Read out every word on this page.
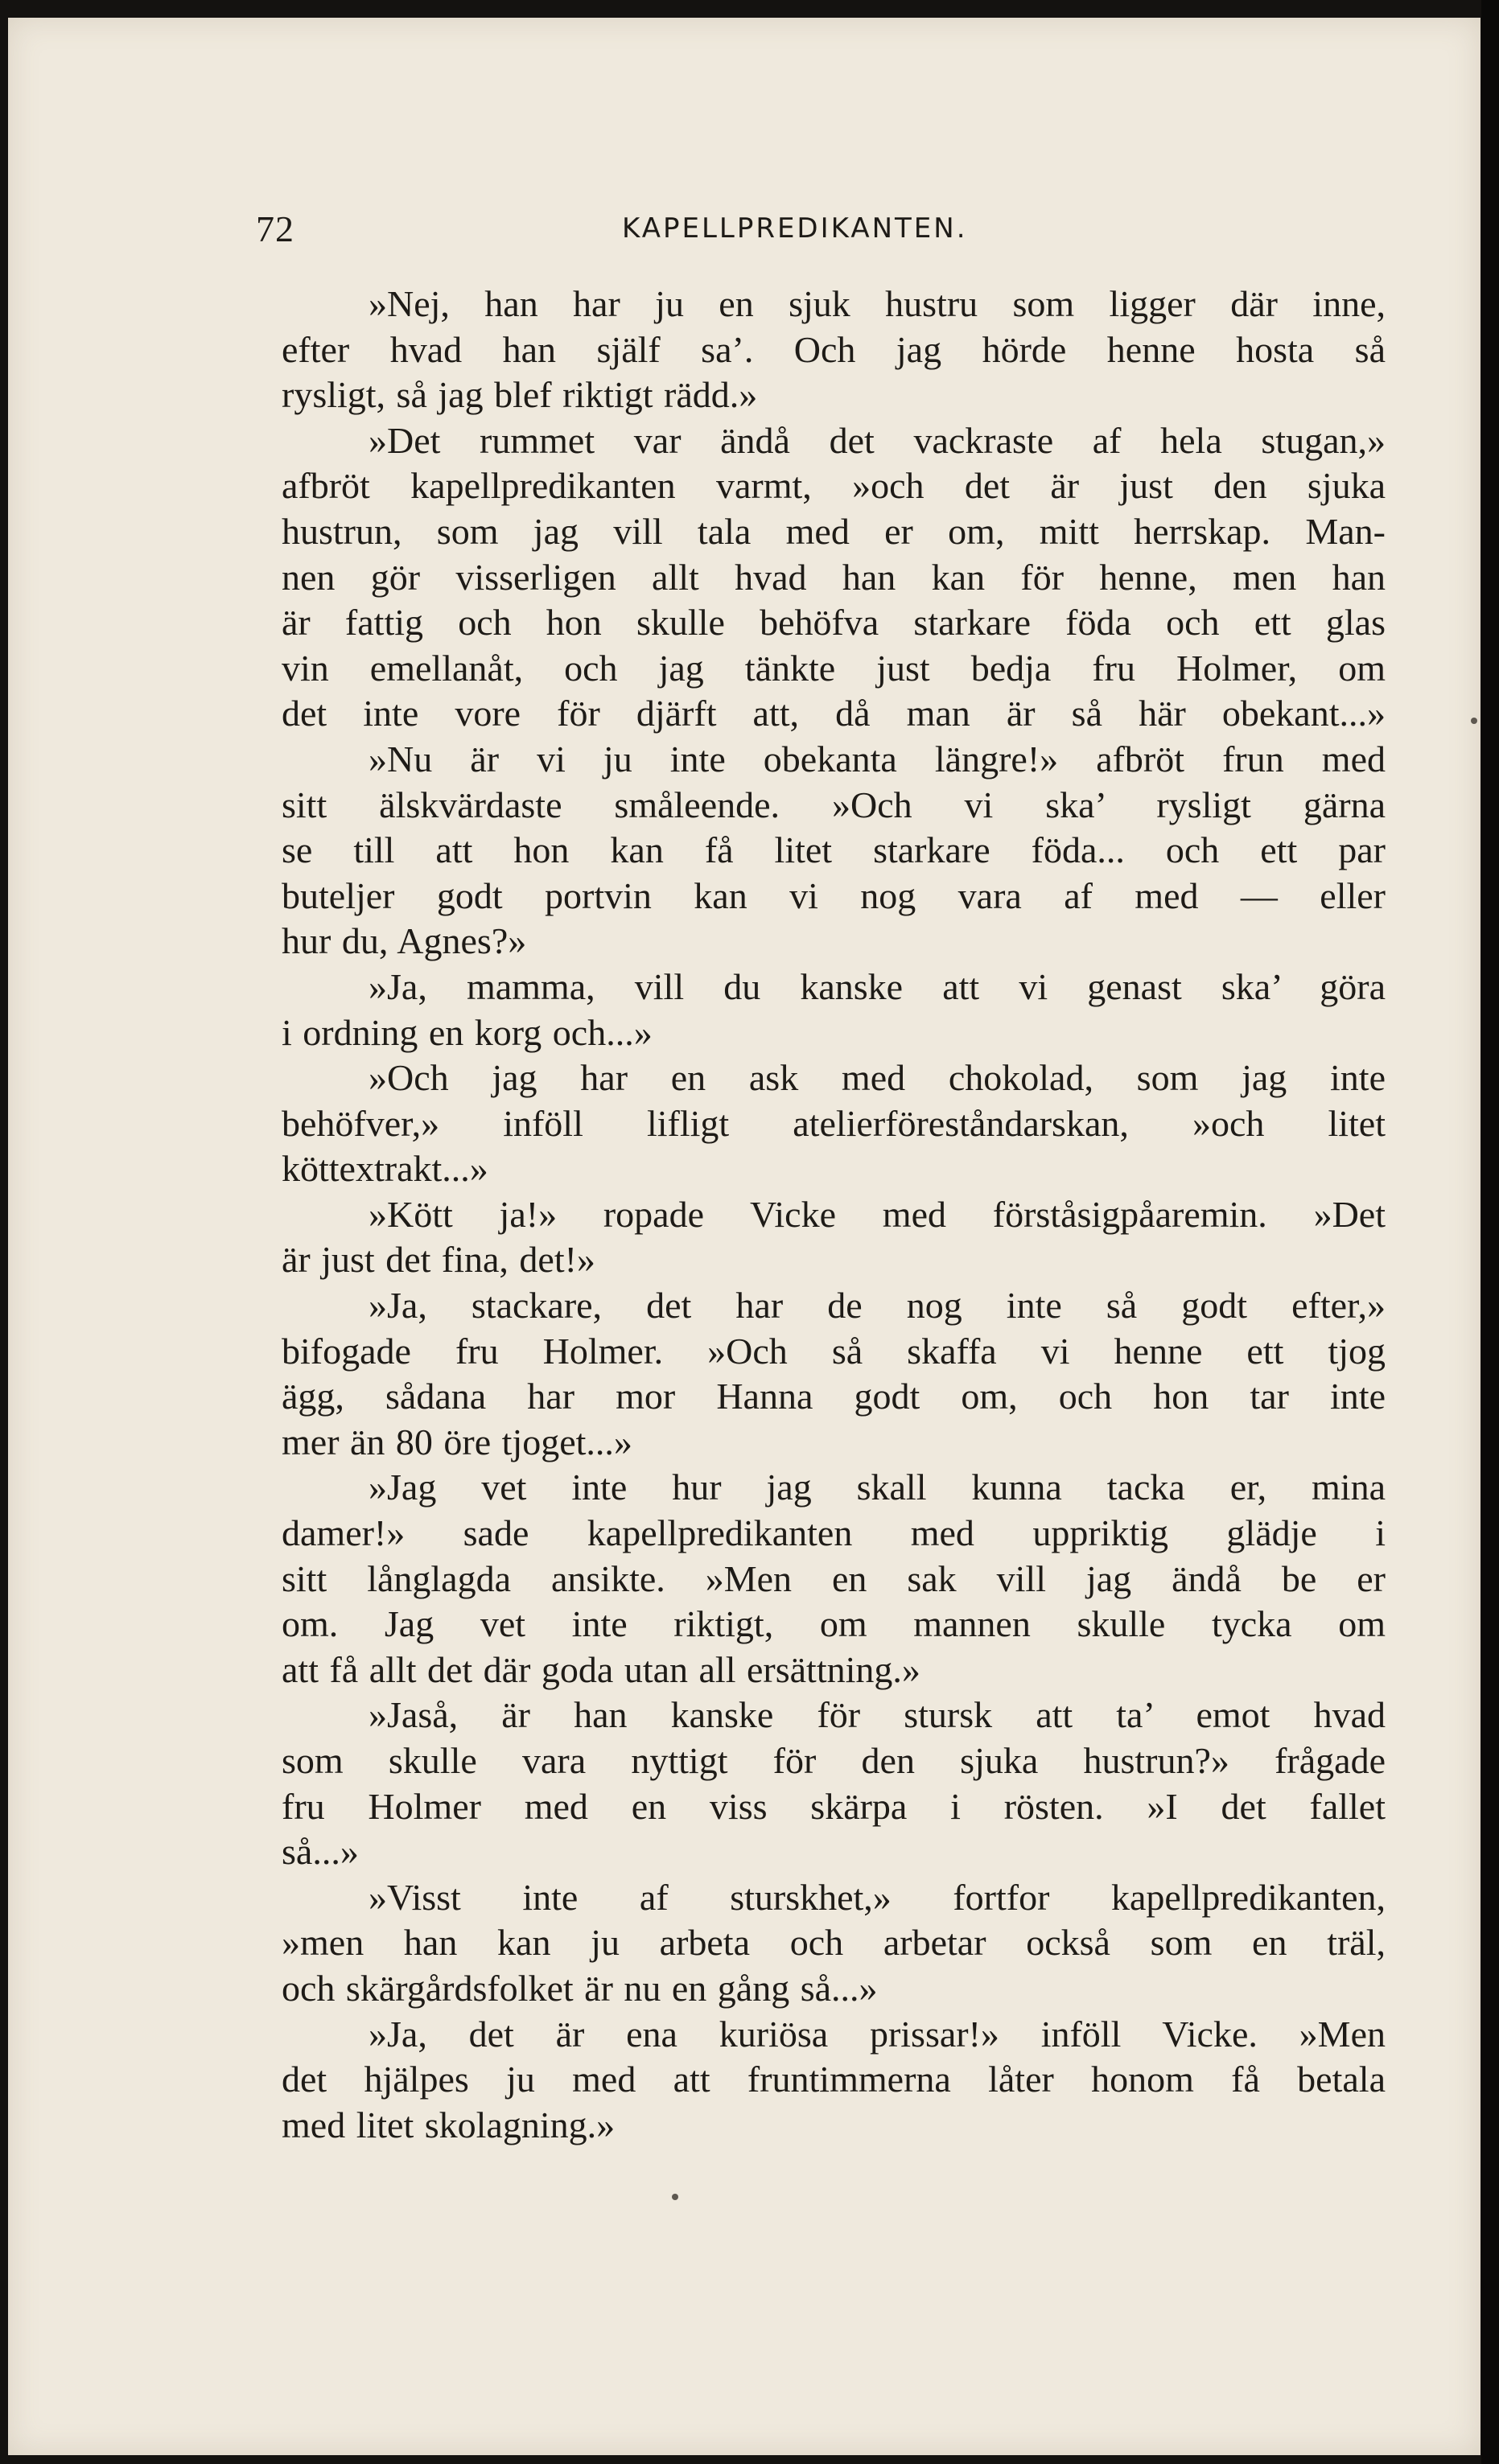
72	KAPELLPREDIKANTEN.
»Nej, han har ju en sjuk hustru som ligger där inne,
efter hvad han själf sa’. Och jag hörde henne hosta så
rysligt, så jag blef riktigt rädd.»
»Det rummet var ändå det vackraste af hela stugan,»
afbröt kapellpredikanten varmt, »och det är just den sjuka
hustrun, som jag vill tala med er om, mitt herrskap. Man-
nen gör visserligen allt hvad han kan för henne, men han
är fattig och hon skulle behöfva starkare föda och ett glas
vin emellanåt, och jag tänkte just bedja fru Holmer, om
det inte vore för djärft att, då man är så här obekant...»
»Nu är vi ju inte obekanta längre!» afbröt frun med
sitt älskvärdaste småleende. »Och vi ska’ rysligt gärna
se till att hon kan få litet starkare föda... och ett par
buteljer godt portvin kan vi nog vara af med — eller
hur du, Agnes?»
»Ja, mamma, vill du kanske att vi genast ska’ göra
i ordning en korg och...»
»Och jag har en ask med chokolad, som jag inte
behöfver,» inföll lifligt atelierföreståndarskan, »och litet
köttextrakt...»
»Kött ja!» ropade Vicke med förståsigpåaremin. »Det
är just det fina, det!»
»Ja, stackare, det har de nog inte så godt efter,»
bifogade fru Holmer. »Och så skaffa vi henne ett tjog
ägg, sådana har mor Hanna godt om, och hon tar inte
mer än 80 öre tjoget...»
»Jag vet inte hur jag skall kunna tacka er, mina
damer!» sade kapellpredikanten med uppriktig glädje i
sitt långlagda ansikte. »Men en sak vill jag ändå be er
om. Jag vet inte riktigt, om mannen skulle tycka om
att få allt det där goda utan all ersättning.»
»Jaså, är han kanske för stursk att ta’ emot hvad
som skulle vara nyttigt för den sjuka hustrun?» frågade
fru Holmer med en viss skärpa i rösten. »I det fallet
så...»
»Visst inte af sturskhet,» fortfor kapellpredikanten,
»men han kan ju arbeta och arbetar också som en träl,
och skärgårdsfolket är nu en gång så...»
»Ja, det är ena kuriösa prissar!» inföll Vicke. »Men
det hjälpes ju med att fruntimmerna låter honom få betala
med litet skolagning.»
